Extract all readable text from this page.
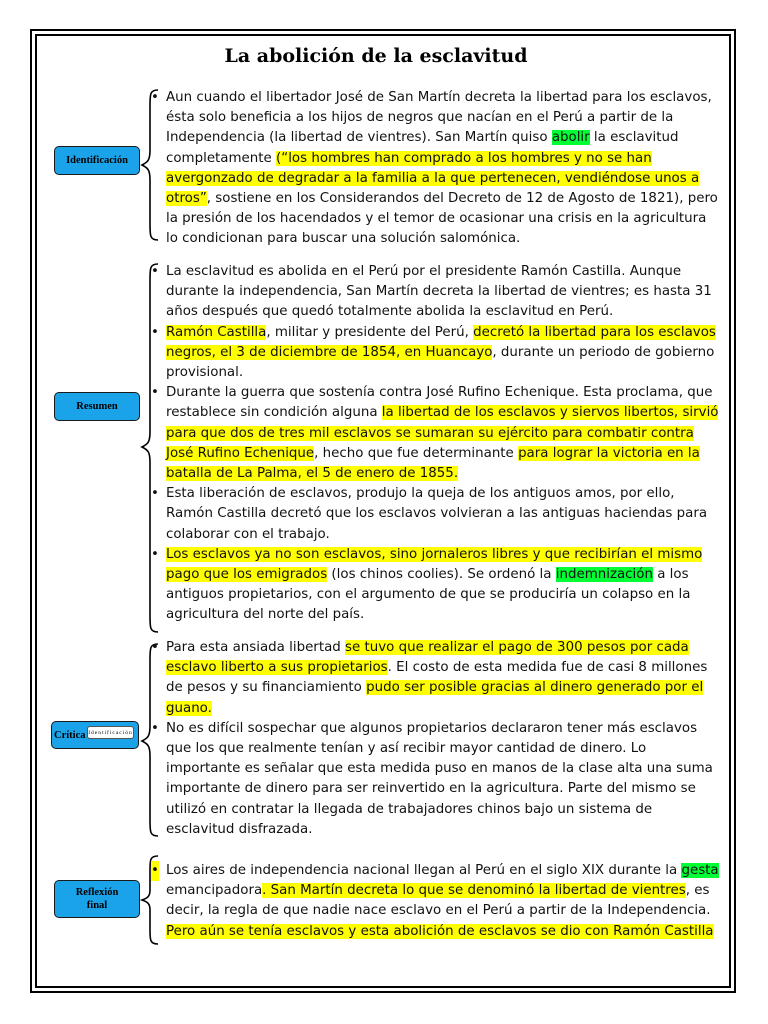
La abolición de la esclavitud
Identificación
Resumen
Crítica Identificación
Reflexión final

• Aun cuando el libertador José de San Martín decreta la libertad para los esclavos, ésta solo beneficia a los hijos de negros que nacían en el Perú a partir de la Independencia (la libertad de vientres). San Martín quiso abolir la esclavitud completamente (“los hombres han comprado a los hombres y no se han avergonzado de degradar a la familia a la que pertenecen, vendiéndose unos a otros”, sostiene en los Considerandos del Decreto de 12 de Agosto de 1821), pero la presión de los hacendados y el temor de ocasionar una crisis en la agricultura lo condicionan para buscar una solución salomónica.

• La esclavitud es abolida en el Perú por el presidente Ramón Castilla. Aunque durante la independencia, San Martín decreta la libertad de vientres; es hasta 31 años después que quedó totalmente abolida la esclavitud en Perú.

• Ramón Castilla, militar y presidente del Perú, decretó la libertad para los esclavos negros, el 3 de diciembre de 1854, en Huancayo, durante un periodo de gobierno provisional.

• Durante la guerra que sostenía contra José Rufino Echenique. Esta proclama, que restablece sin condición alguna la libertad de los esclavos y siervos libertos, sirvió para que dos de tres mil esclavos se sumaran su ejército para combatir contra José Rufino Echenique, hecho que fue determinante para lograr la victoria en la batalla de La Palma, el 5 de enero de 1855.

• Esta liberación de esclavos, produjo la queja de los antiguos amos, por ello, Ramón Castilla decretó que los esclavos volvieran a las antiguas haciendas para colaborar con el trabajo.

• Los esclavos ya no son esclavos, sino jornaleros libres y que recibirían el mismo pago que los emigrados (los chinos coolies). Se ordenó la indemnización a los antiguos propietarios, con el argumento de que se produciría un colapso en la agricultura del norte del país.

• Para esta ansiada libertad se tuvo que realizar el pago de 300 pesos por cada esclavo liberto a sus propietarios. El costo de esta medida fue de casi 8 millones de pesos y su financiamiento pudo ser posible gracias al dinero generado por el guano.

• No es difícil sospechar que algunos propietarios declararon tener más esclavos que los que realmente tenían y así recibir mayor cantidad de dinero. Lo importante es señalar que esta medida puso en manos de la clase alta una suma importante de dinero para ser reinvertido en la agricultura. Parte del mismo se utilizó en contratar la llegada de trabajadores chinos bajo un sistema de esclavitud disfrazada.

• Los aires de independencia nacional llegan al Perú en el siglo XIX durante la gesta emancipadora. San Martín decreta lo que se denominó la libertad de vientres, es decir, la regla de que nadie nace esclavo en el Perú a partir de la Independencia. Pero aún se tenía esclavos y esta abolición de esclavos se dio con Ramón Castilla
